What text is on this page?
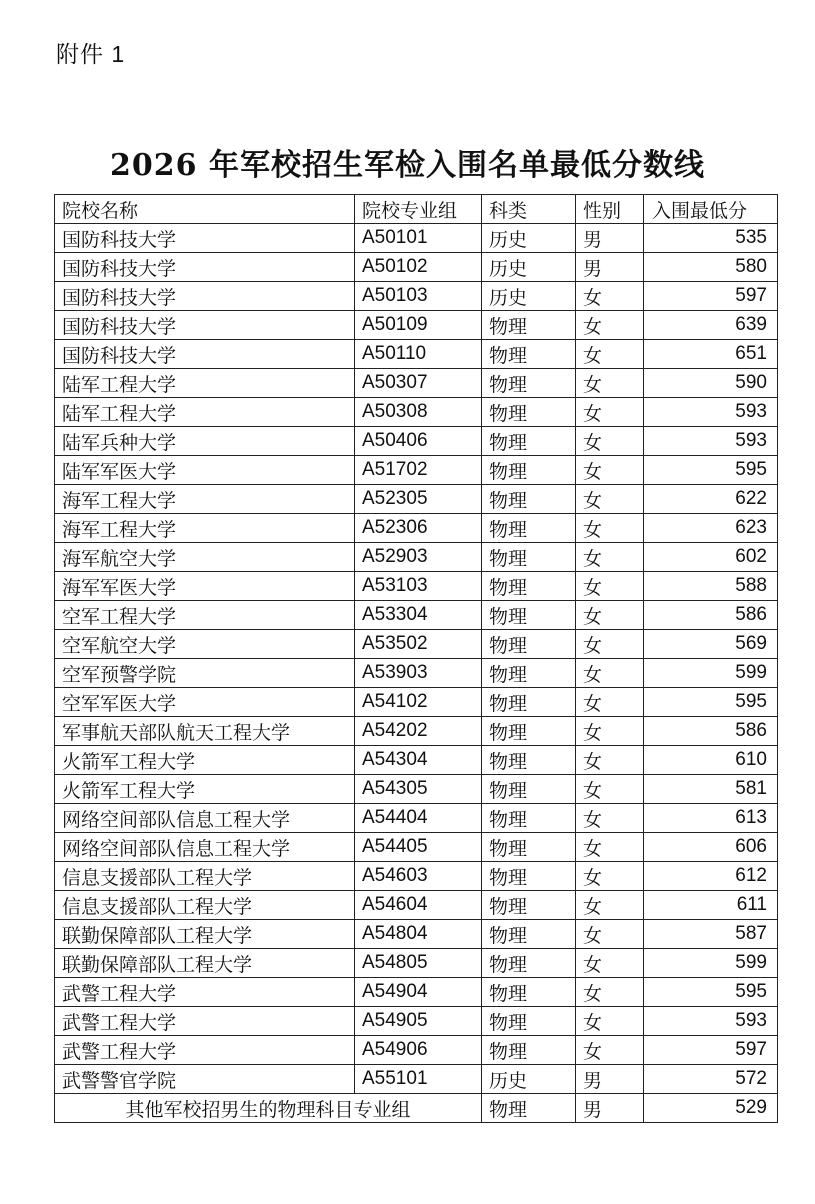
附件 1
2026 年军校招生军检入围名单最低分数线
院校名称	院校专业组	科类	性别	入围最低分
国防科技大学	A50101	历史	男	535
国防科技大学	A50102	历史	男	580
国防科技大学	A50103	历史	女	597
国防科技大学	A50109	物理	女	639
国防科技大学	A50110	物理	女	651
陆军工程大学	A50307	物理	女	590
陆军工程大学	A50308	物理	女	593
陆军兵种大学	A50406	物理	女	593
陆军军医大学	A51702	物理	女	595
海军工程大学	A52305	物理	女	622
海军工程大学	A52306	物理	女	623
海军航空大学	A52903	物理	女	602
海军军医大学	A53103	物理	女	588
空军工程大学	A53304	物理	女	586
空军航空大学	A53502	物理	女	569
空军预警学院	A53903	物理	女	599
空军军医大学	A54102	物理	女	595
军事航天部队航天工程大学	A54202	物理	女	586
火箭军工程大学	A54304	物理	女	610
火箭军工程大学	A54305	物理	女	581
网络空间部队信息工程大学	A54404	物理	女	613
网络空间部队信息工程大学	A54405	物理	女	606
信息支援部队工程大学	A54603	物理	女	612
信息支援部队工程大学	A54604	物理	女	611
联勤保障部队工程大学	A54804	物理	女	587
联勤保障部队工程大学	A54805	物理	女	599
武警工程大学	A54904	物理	女	595
武警工程大学	A54905	物理	女	593
武警工程大学	A54906	物理	女	597
武警警官学院	A55101	历史	男	572
其他军校招男生的物理科目专业组		物理	男	529
